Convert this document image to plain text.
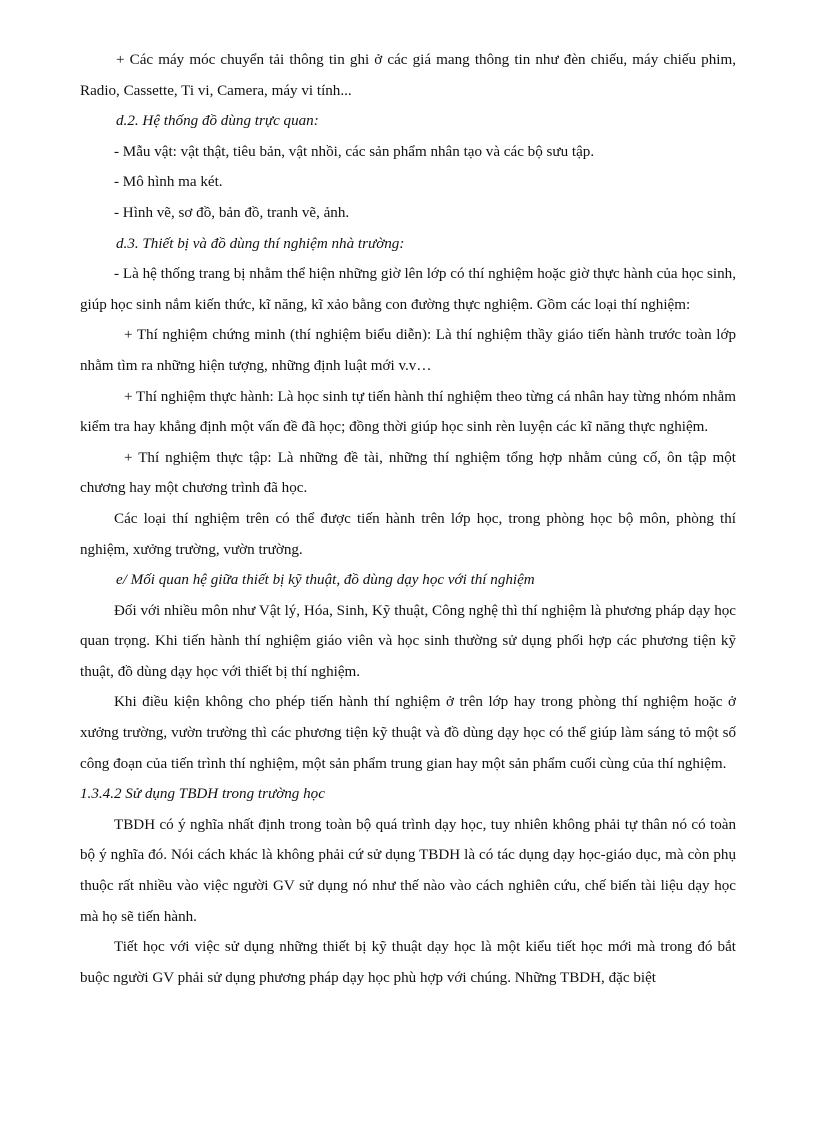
+ Các máy móc chuyển tải thông tin ghi ở các giá mang thông tin như đèn chiếu, máy chiếu phim, Radio, Cassette, Ti vi, Camera, máy vi tính...

d.2. Hệ thống đồ dùng trực quan:

- Mẫu vật: vật thật, tiêu bản, vật nhồi, các sản phẩm nhân tạo và các bộ sưu tập.

- Mô hình ma két.

- Hình vẽ, sơ đồ, bản đồ, tranh vẽ, ảnh.

d.3. Thiết bị và đồ dùng thí nghiệm nhà trường:

- Là hệ thống trang bị nhằm thể hiện những giờ lên lớp có thí nghiệm hoặc giờ thực hành của học sinh, giúp học sinh nắm kiến thức, kĩ năng, kĩ xảo bằng con đường thực nghiệm. Gồm các loại thí nghiệm:

+ Thí nghiệm chứng minh (thí nghiệm biểu diễn): Là thí nghiệm thầy giáo tiến hành trước toàn lớp nhằm tìm ra những hiện tượng, những định luật mới v.v…

+ Thí nghiệm thực hành: Là học sinh tự tiến hành thí nghiệm theo từng cá nhân hay từng nhóm nhằm kiểm tra hay khẳng định một vấn đề đã học; đồng thời giúp học sinh rèn luyện các kĩ năng thực nghiệm.

+ Thí nghiệm thực tập: Là những đề tài, những thí nghiệm tổng hợp nhằm củng cố, ôn tập một chương hay một chương trình đã học.

Các loại thí nghiệm trên có thể được tiến hành trên lớp học, trong phòng học bộ môn, phòng thí nghiệm, xưởng trường, vườn trường.

e/ Mối quan hệ giữa thiết bị kỹ thuật, đồ dùng dạy học với thí nghiệm

Đối với nhiều môn như Vật lý, Hóa, Sinh, Kỹ thuật, Công nghệ thì thí nghiệm là phương pháp dạy học quan trọng. Khi tiến hành thí nghiệm giáo viên và học sinh thường sử dụng phối hợp các phương tiện kỹ thuật, đồ dùng dạy học với thiết bị thí nghiệm.

Khi điều kiện không cho phép tiến hành thí nghiệm ở trên lớp hay trong phòng thí nghiệm hoặc ở xưởng trường, vườn trường thì các phương tiện kỹ thuật và đồ dùng dạy học có thể giúp làm sáng tỏ một số công đoạn của tiến trình thí nghiệm, một sản phẩm trung gian hay một sản phẩm cuối cùng của thí nghiệm.

1.3.4.2 Sử dụng TBDH trong trường học

TBDH có ý nghĩa nhất định trong toàn bộ quá trình dạy học, tuy nhiên không phải tự thân nó có toàn bộ ý nghĩa đó. Nói cách khác là không phải cứ sử dụng TBDH là có tác dụng dạy học-giáo dục, mà còn phụ thuộc rất nhiều vào việc người GV sử dụng nó như thế nào vào cách nghiên cứu, chế biến tài liệu dạy học mà họ sẽ tiến hành.

Tiết học với việc sử dụng những thiết bị kỹ thuật dạy học là một kiểu tiết học mới mà trong đó bắt buộc người GV phải sử dụng phương pháp dạy học phù hợp với chúng. Những TBDH, đặc biệt
